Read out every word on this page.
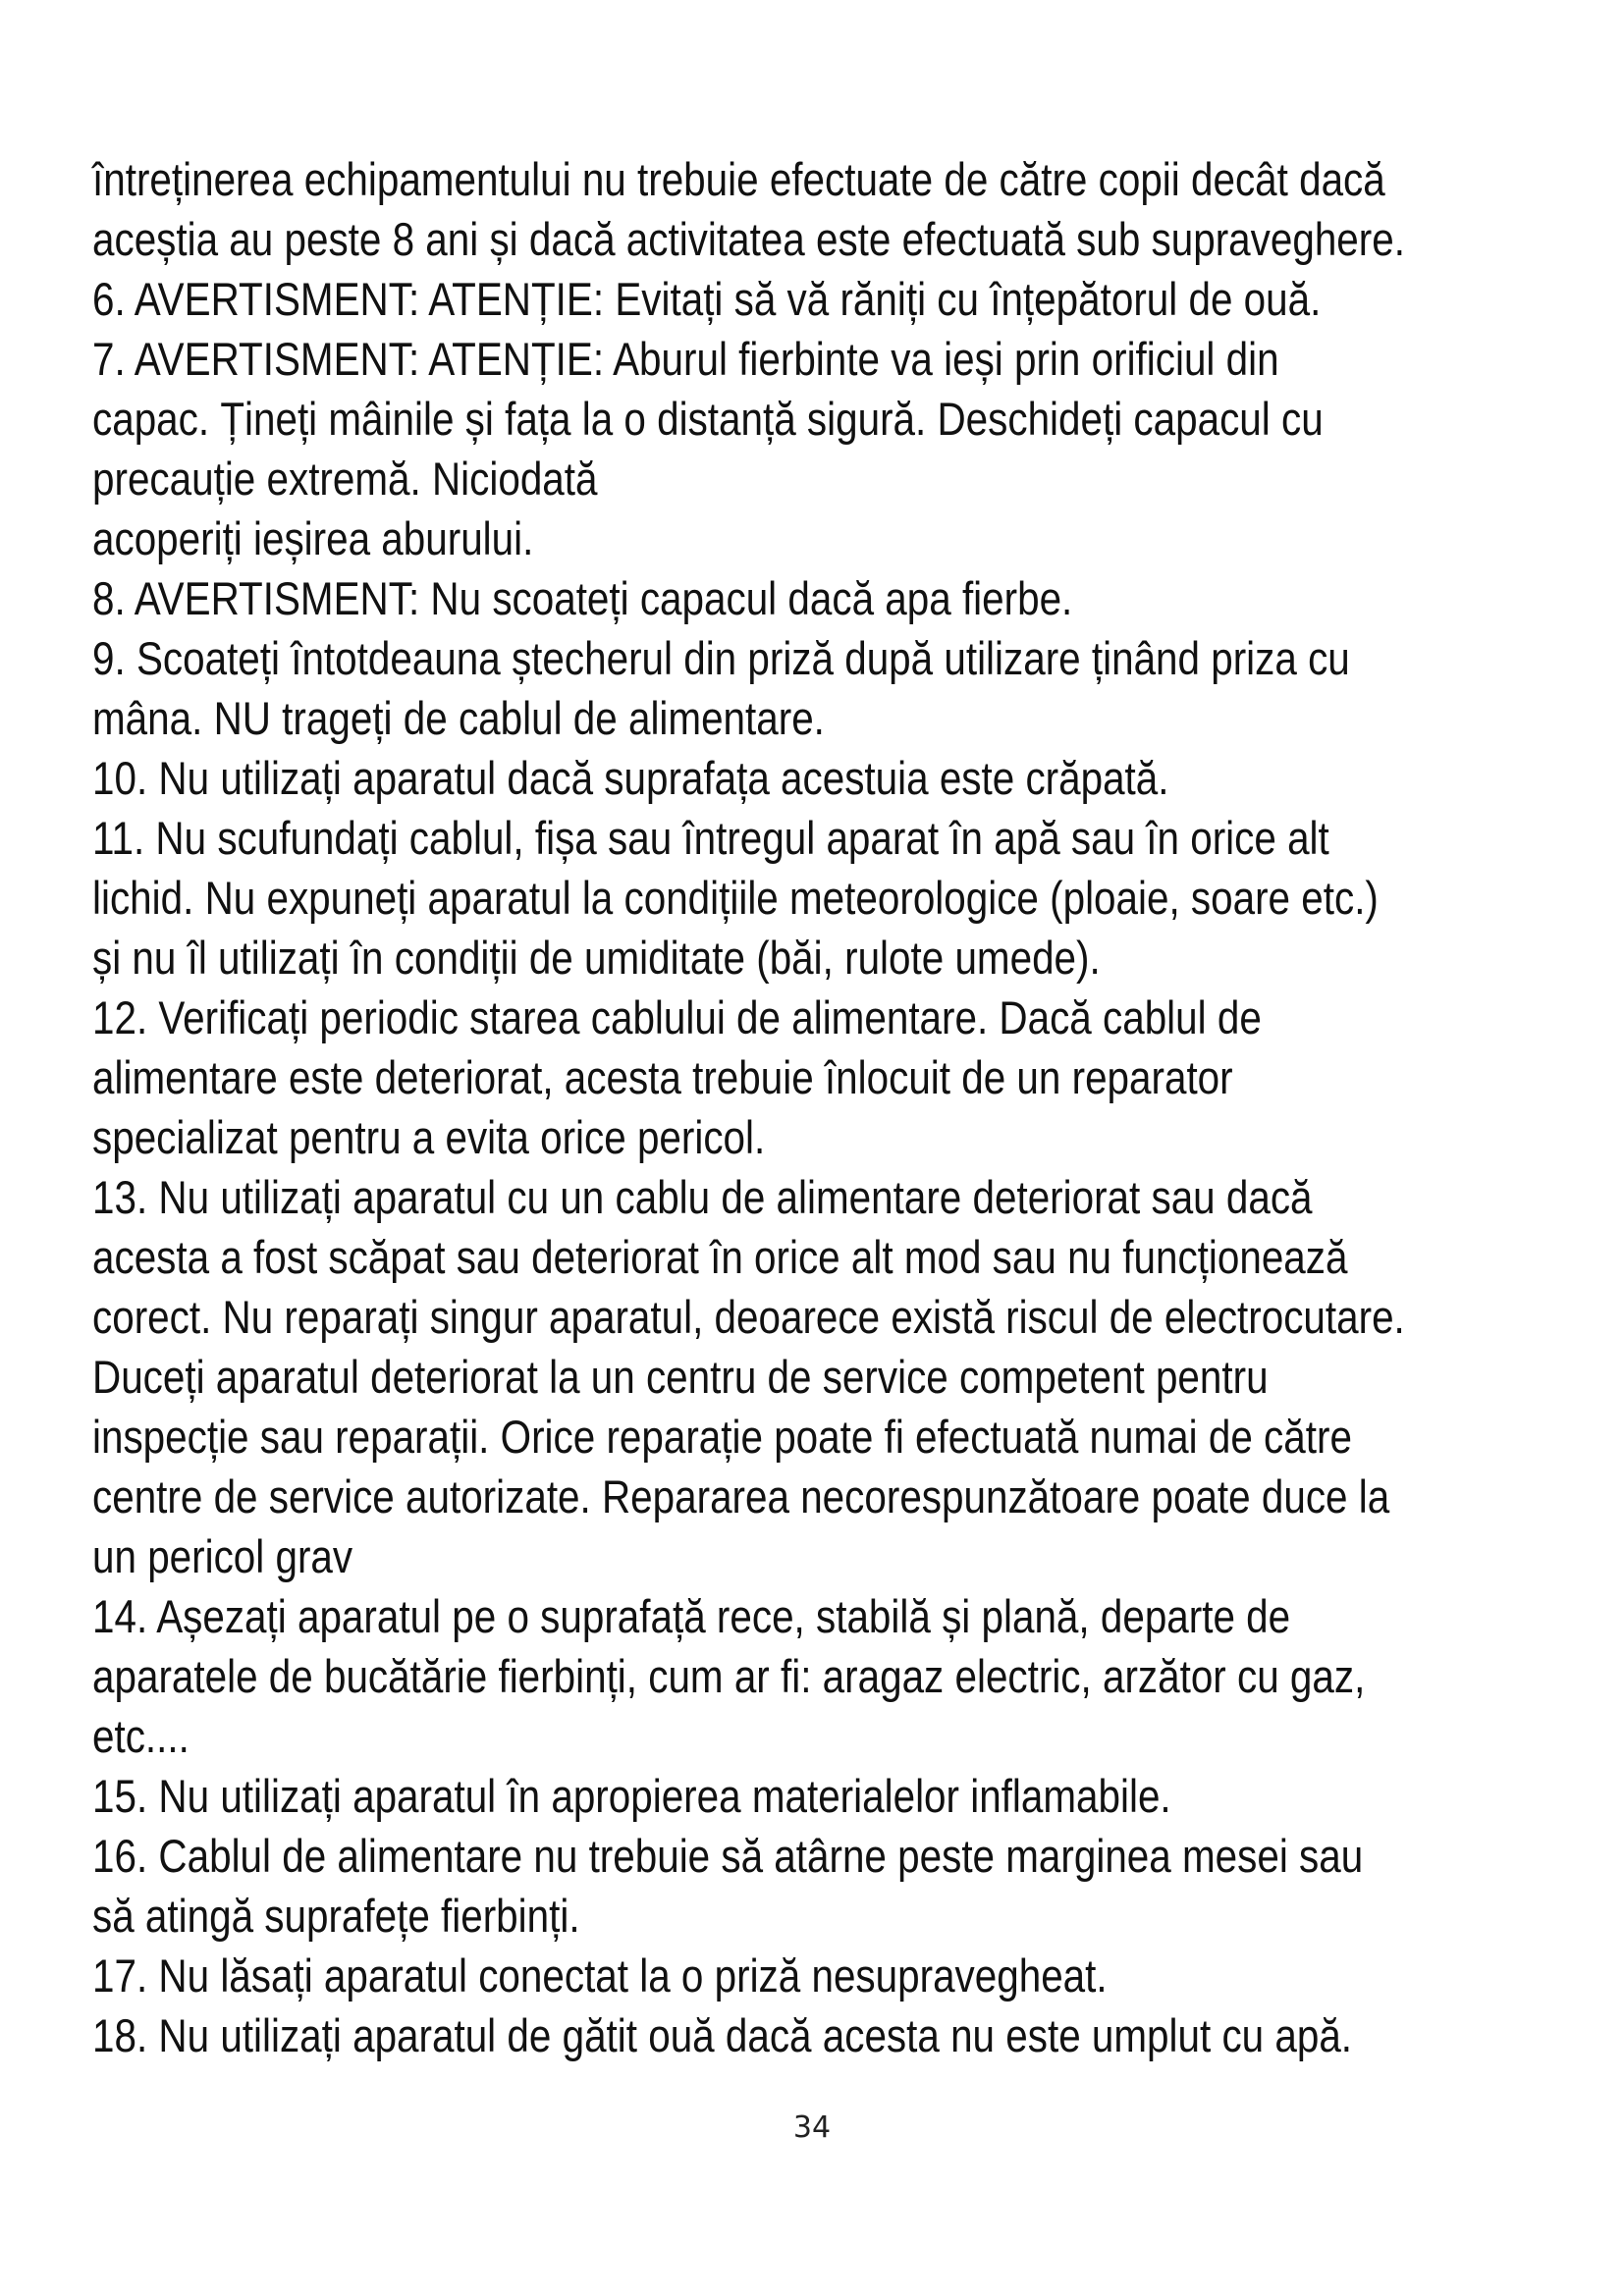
întreținerea echipamentului nu trebuie efectuate de către copii decât dacă
aceștia au peste 8 ani și dacă activitatea este efectuată sub supraveghere.
6. AVERTISMENT: ATENȚIE: Evitați să vă răniți cu înțepătorul de ouă.
7. AVERTISMENT: ATENȚIE: Aburul fierbinte va ieși prin orificiul din
capac. Țineți mâinile și fața la o distanță sigură. Deschideți capacul cu
precauție extremă. Niciodată
acoperiți ieșirea aburului.
8. AVERTISMENT: Nu scoateți capacul dacă apa fierbe.
9. Scoateți întotdeauna ștecherul din priză după utilizare ținând priza cu
mâna. NU trageți de cablul de alimentare.
10. Nu utilizați aparatul dacă suprafața acestuia este crăpată.
11. Nu scufundați cablul, fișa sau întregul aparat în apă sau în orice alt
lichid. Nu expuneți aparatul la condițiile meteorologice (ploaie, soare etc.)
și nu îl utilizați în condiții de umiditate (băi, rulote umede).
12. Verificați periodic starea cablului de alimentare. Dacă cablul de
alimentare este deteriorat, acesta trebuie înlocuit de un reparator
specializat pentru a evita orice pericol.
13. Nu utilizați aparatul cu un cablu de alimentare deteriorat sau dacă
acesta a fost scăpat sau deteriorat în orice alt mod sau nu funcționează
corect. Nu reparați singur aparatul, deoarece există riscul de electrocutare.
Duceți aparatul deteriorat la un centru de service competent pentru
inspecție sau reparații. Orice reparație poate fi efectuată numai de către
centre de service autorizate. Repararea necorespunzătoare poate duce la
un pericol grav
14. Așezați aparatul pe o suprafață rece, stabilă și plană, departe de
aparatele de bucătărie fierbinți, cum ar fi: aragaz electric, arzător cu gaz,
etc....
15. Nu utilizați aparatul în apropierea materialelor inflamabile.
16. Cablul de alimentare nu trebuie să atârne peste marginea mesei sau
să atingă suprafețe fierbinți.
17. Nu lăsați aparatul conectat la o priză nesupravegheat.
18. Nu utilizați aparatul de gătit ouă dacă acesta nu este umplut cu apă.
34
